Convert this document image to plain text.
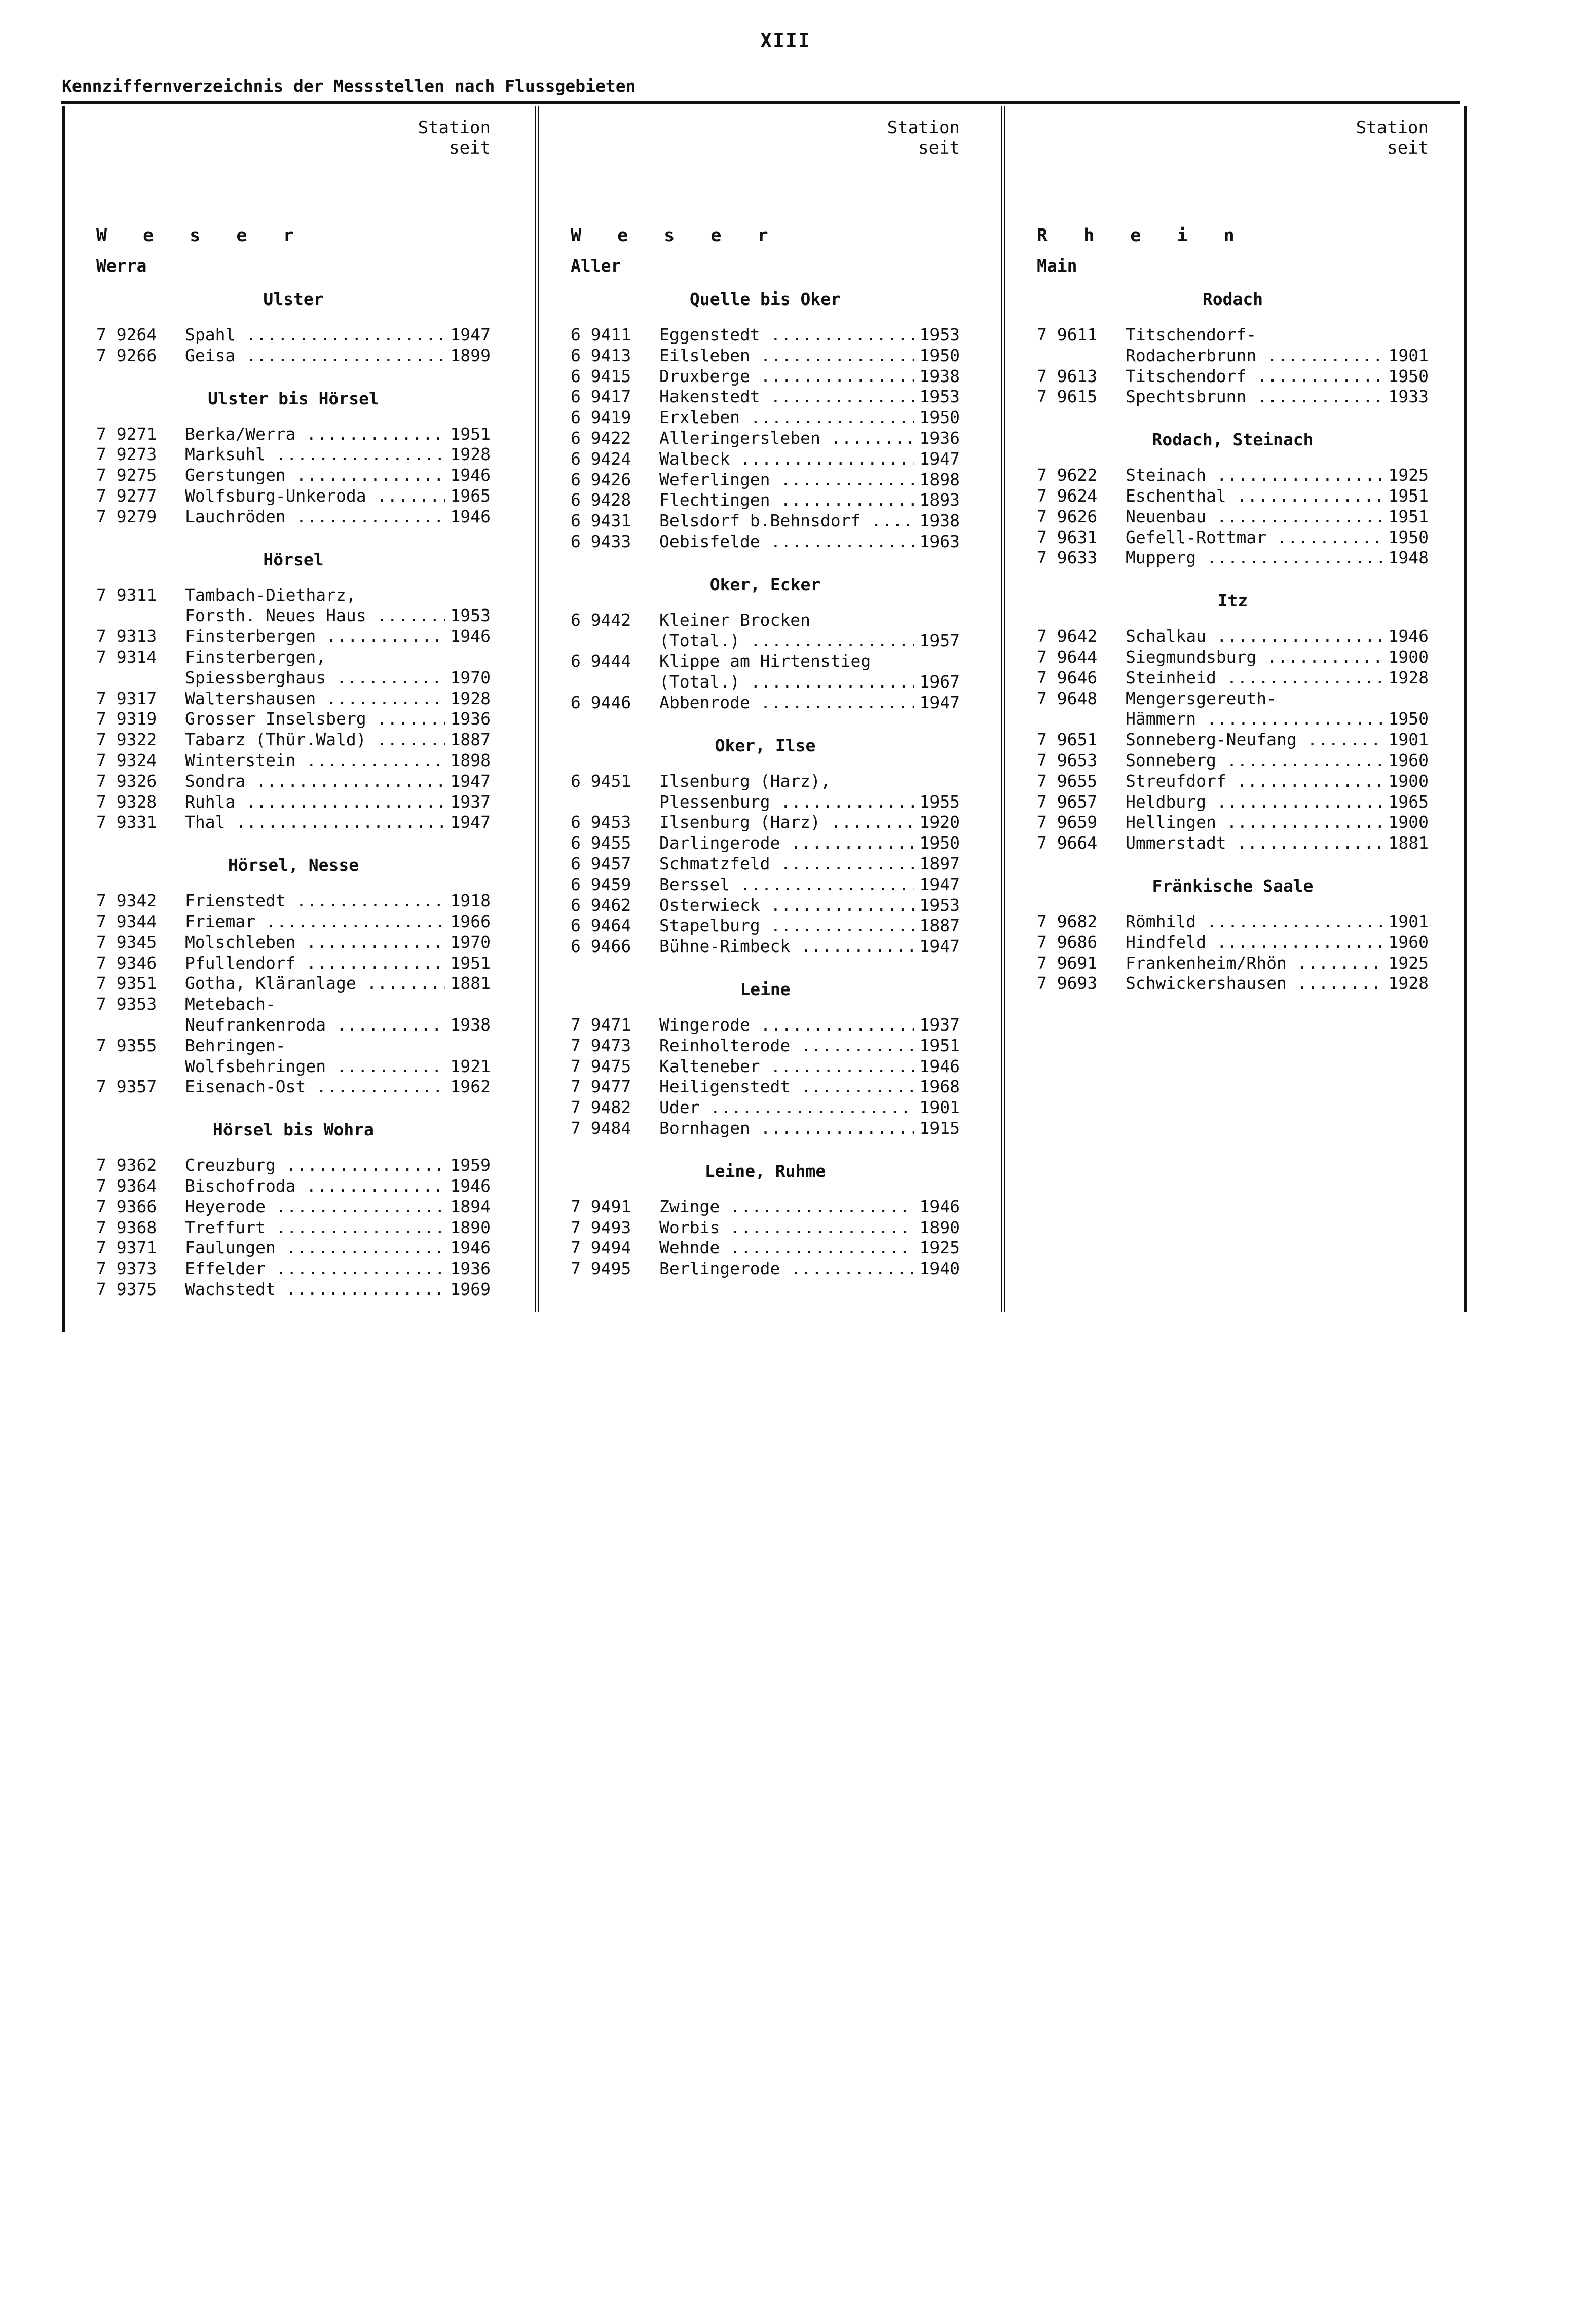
XIII
Kennziffernverzeichnis der Messstellen nach Flussgebieten
Station
seit
W e s e r
Werra
Ulster
7 9264	Spahl .....	1947
7 9266	Geisa .....	1899
Ulster bis Hörsel
7 9271	Berka/Werra .....	1951
7 9273	Marksuhl .....	1928
7 9275	Gerstungen .....	1946
7 9277	Wolfsburg-Unkeroda .....	1965
7 9279	Lauchröden .....	1946
Hörsel
7 9311	Tambach-Dietharz,
Forsth. Neues Haus .....	1953
7 9313	Finsterbergen .....	1946
7 9314	Finsterbergen,
Spiessberghaus .....	1970
7 9317	Waltershausen .....	1928
7 9319	Grosser Inselsberg .....	1936
7 9322	Tabarz (Thür.Wald) .....	1887
7 9324	Winterstein .....	1898
7 9326	Sondra .....	1947
7 9328	Ruhla .....	1937
7 9331	Thal .....	1947
Hörsel, Nesse
7 9342	Frienstedt .....	1918
7 9344	Friemar .....	1966
7 9345	Molschleben .....	1970
7 9346	Pfullendorf .....	1951
7 9351	Gotha, Kläranlage .....	1881
7 9353	Metebach-
Neufrankenroda .....	1938
7 9355	Behringen-
Wolfsbehringen .....	1921
7 9357	Eisenach-Ost .....	1962
Hörsel bis Wohra
7 9362	Creuzburg .....	1959
7 9364	Bischofroda .....	1946
7 9366	Heyerode .....	1894
7 9368	Treffurt .....	1890
7 9371	Faulungen .....	1946
7 9373	Effelder .....	1936
7 9375	Wachstedt .....	1969
Station
seit
W e s e r
Aller
Quelle bis Oker
6 9411	Eggenstedt .....	1953
6 9413	Eilsleben .....	1950
6 9415	Druxberge .....	1938
6 9417	Hakenstedt .....	1953
6 9419	Erxleben .....	1950
6 9422	Alleringersleben .....	1936
6 9424	Walbeck .....	1947
6 9426	Weferlingen .....	1898
6 9428	Flechtingen .....	1893
6 9431	Belsdorf b.Behnsdorf .....	1938
6 9433	Oebisfelde .....	1963
Oker, Ecker
6 9442	Kleiner Brocken
(Total.) .....	1957
6 9444	Klippe am Hirtenstieg
(Total.) .....	1967
6 9446	Abbenrode .....	1947
Oker, Ilse
6 9451	Ilsenburg (Harz),
Plessenburg .....	1955
6 9453	Ilsenburg (Harz) .....	1920
6 9455	Darlingerode .....	1950
6 9457	Schmatzfeld .....	1897
6 9459	Berssel .....	1947
6 9462	Osterwieck .....	1953
6 9464	Stapelburg .....	1887
6 9466	Bühne-Rimbeck .....	1947
Leine
7 9471	Wingerode .....	1937
7 9473	Reinholterode .....	1951
7 9475	Kalteneber .....	1946
7 9477	Heiligenstedt .....	1968
7 9482	Uder .....	1901
7 9484	Bornhagen .....	1915
Leine, Ruhme
7 9491	Zwinge .....	1946
7 9493	Worbis .....	1890
7 9494	Wehnde .....	1925
7 9495	Berlingerode .....	1940
Station
seit
R h e i n
Main
Rodach
7 9611	Titschendorf-
Rodacherbrunn .....	1901
7 9613	Titschendorf .....	1950
7 9615	Spechtsbrunn .....	1933
Rodach, Steinach
7 9622	Steinach .....	1925
7 9624	Eschenthal .....	1951
7 9626	Neuenbau .....	1951
7 9631	Gefell-Rottmar .....	1950
7 9633	Mupperg .....	1948
Itz
7 9642	Schalkau .....	1946
7 9644	Siegmundsburg .....	1900
7 9646	Steinheid .....	1928
7 9648	Mengersgereuth-
Hämmern .....	1950
7 9651	Sonneberg-Neufang .....	1901
7 9653	Sonneberg .....	1960
7 9655	Streufdorf .....	1900
7 9657	Heldburg .....	1965
7 9659	Hellingen .....	1900
7 9664	Ummerstadt .....	1881
Fränkische Saale
7 9682	Römhild .....	1901
7 9686	Hindfeld .....	1960
7 9691	Frankenheim/Rhön .....	1925
7 9693	Schwickershausen .....	1928
